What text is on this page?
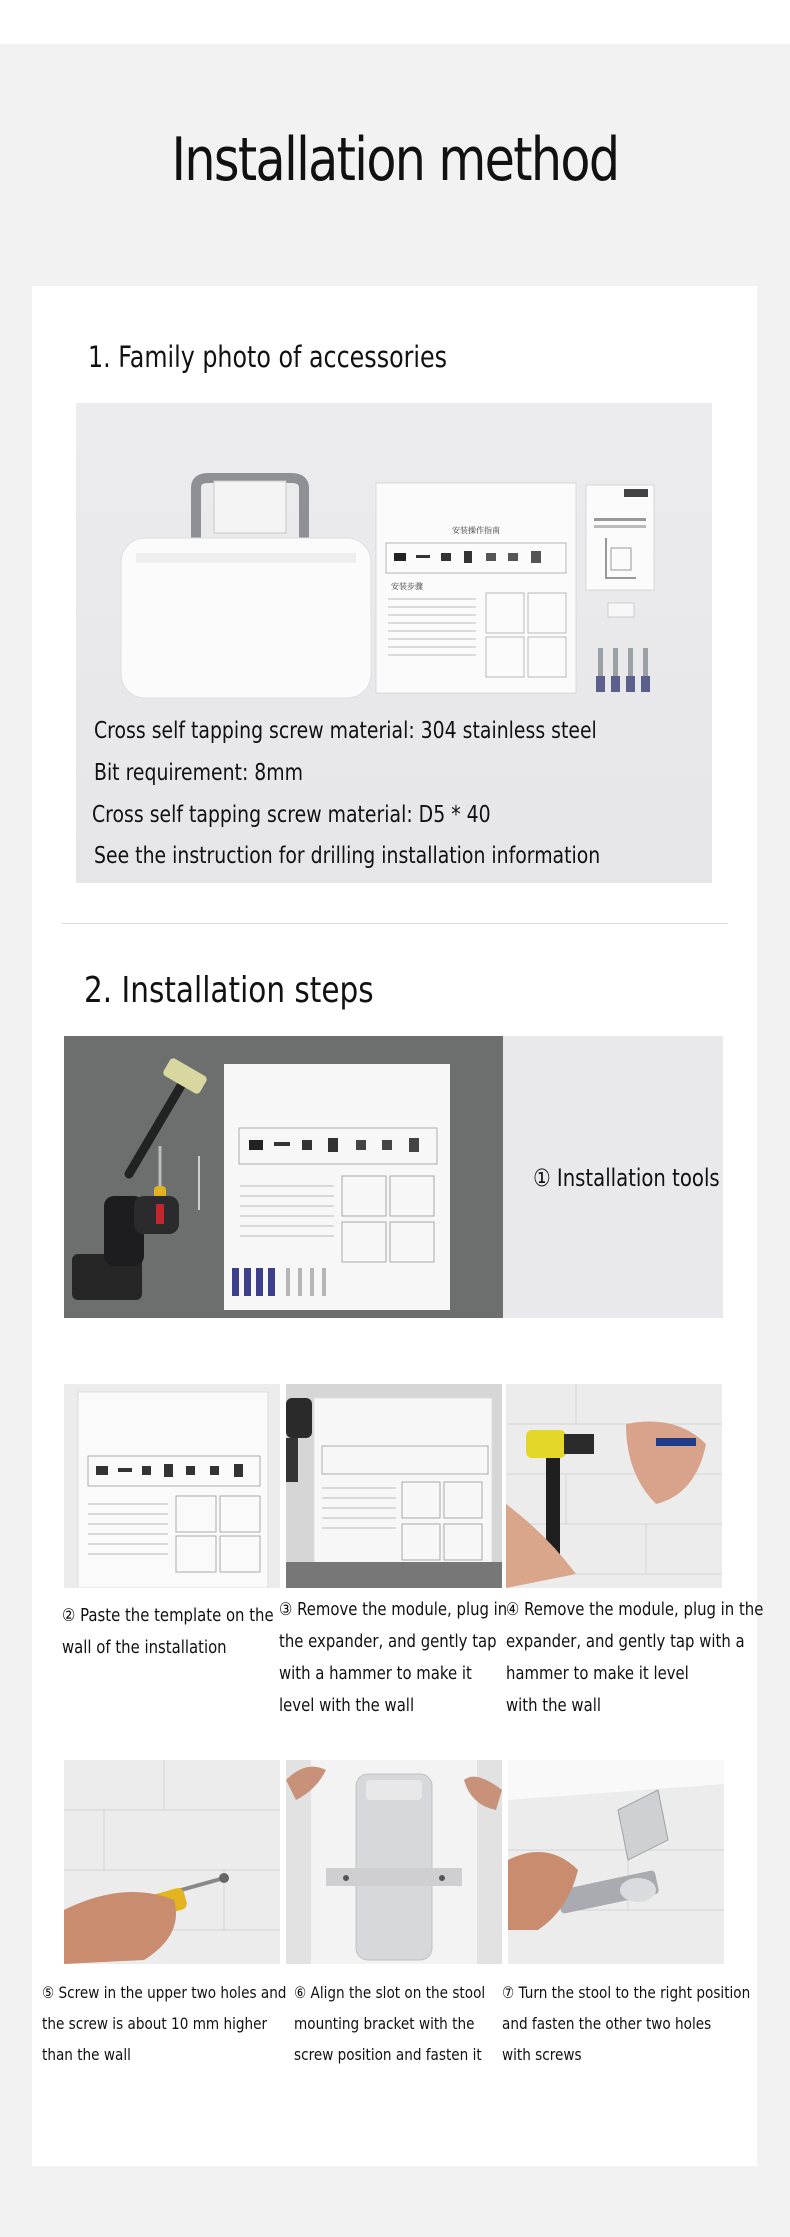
Installation method
1. Family photo of accessories
安装操作指南
安装步骤
Cross self tapping screw material: 304 stainless steel
Bit requirement: 8mm
Cross self tapping screw material: D5 * 40
See the instruction for drilling installation information
2. Installation steps
① Installation tools
② Paste the template on the
wall of the installation
③ Remove the module, plug in
the expander, and gently tap
with a hammer to make it
level with the wall
④ Remove the module, plug in the
expander, and gently tap with a
hammer to make it level
with the wall
⑤ Screw in the upper two holes and
the screw is about 10 mm higher
than the wall
⑥ Align the slot on the stool
mounting bracket with the
screw position and fasten it
⑦ Turn the stool to the right position
and fasten the other two holes
with screws
